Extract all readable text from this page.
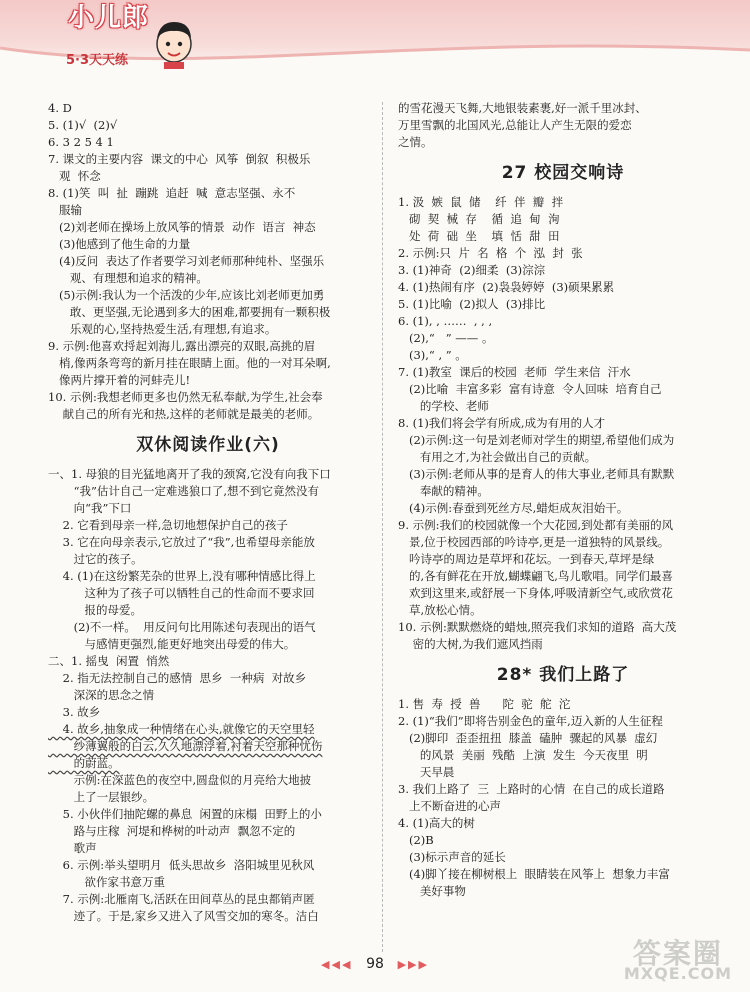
小儿郎
5·3天天练
4. D
5. (1)√  (2)√
6. 3 2 5 4 1
7. 课文的主要内容  课文的中心  风筝  倒叙  积极乐
观  怀念
8. (1)笑  叫  扯  蹦跳  追赶  喊  意志坚强、永不
服输
(2)刘老师在操场上放风筝的情景  动作  语言  神态
(3)他感到了他生命的力量
(4)反问  表达了作者要学习刘老师那种纯朴、坚强乐
观、有理想和追求的精神。
(5)示例:我认为一个活泼的少年,应该比刘老师更加勇
敢、更坚强,无论遇到多大的困难,都要拥有一颗积极
乐观的心,坚持热爱生活,有理想,有追求。
9. 示例:他喜欢捋起刘海儿,露出漂亮的双眼,高挑的眉
梢,像两条弯弯的新月挂在眼睛上面。他的一对耳朵啊,
像两片撑开着的河蚌壳儿!
10. 示例:我想老师更多也仍然无私奉献,为学生,社会奉
献自己的所有光和热,这样的老师就是最美的老师。
双休阅读作业(六)
一、1. 母狼的目光猛地离开了我的颈窝,它没有向我下口
“我”估计自己一定难逃狼口了,想不到它竟然没有
向“我”下口
2. 它看到母亲一样,急切地想保护自己的孩子
3. 它在向母亲表示,它放过了“我”,也希望母亲能放
过它的孩子。
4. (1)在这纷繁芜杂的世界上,没有哪种情感比得上
这种为了孩子可以牺牲自己的性命而不要求回
报的母爱。
(2)不一样。  用反问句比用陈述句表现出的语气
与感情更强烈,能更好地突出母爱的伟大。
二、1. 摇曳  闲置  悄然
2. 指无法控制自己的感情  思乡  一种病  对故乡
深深的思念之情
3. 故乡
4. 故乡,抽象成一种情绪在心头,就像它的天空里轻
纱薄翼般的白云,久久地漂浮着,衬着天空那种忧伤
的蔚蓝。
示例:在深蓝色的夜空中,圆盘似的月亮给大地披
上了一层银纱。
5. 小伙伴们抽陀螺的鼻息  闲置的床榻  田野上的小
路与庄稼  河堤和桦树的叶动声  飘忽不定的
歌声
6. 示例:举头望明月  低头思故乡  洛阳城里见秋风
欲作家书意万重
7. 示例:北雁南飞,活跃在田间草丛的昆虫都销声匿
迹了。于是,家乡又进入了风雪交加的寒冬。洁白
的雪花漫天飞舞,大地银装素裹,好一派千里冰封、
万里雪飘的北国风光,总能让人产生无限的爱恋
之情。
27 校园交响诗
1. 汲  嫉  鼠  储    纤  伴  瓣  拌
砌  契  械  存    循  追  甸  洵
处  荷  础  坐    填  恬  甜  田
2. 示例:只  片  名  格  个  泓  封  张
3. (1)神奇  (2)细柔  (3)淙淙
4. (1)热闹有序  (2)袅袅婷婷  (3)硕果累累
5. (1)比喻  (2)拟人  (3)排比
6. (1), , ……  , , ,
(2),“   ” —— 。
(3),“ , ” 。
7. (1)教室  课后的校园  老师  学生来信  汗水
(2)比喻  丰富多彩  富有诗意  令人回味  培育自己
的学校、老师
8. (1)我们将会学有所成,成为有用的人才
(2)示例:这一句是刘老师对学生的期望,希望他们成为
有用之才,为社会做出自己的贡献。
(3)示例:老师从事的是育人的伟大事业,老师具有默默
奉献的精神。
(4)示例:春蚕到死丝方尽,蜡炬成灰泪始干。
9. 示例:我们的校园就像一个大花园,到处都有美丽的风
景,位于校园西部的吟诗亭,更是一道独特的风景线。
吟诗亭的周边是草坪和花坛。一到春天,草坪是绿
的,各有鲜花在开放,蝴蝶翩飞,鸟儿歌唱。同学们最喜
欢到这里来,或舒展一下身体,呼吸清新空气,或欣赏花
草,放松心情。
10. 示例:默默燃烧的蜡烛,照亮我们求知的道路  高大茂
密的大树,为我们遮风挡雨
28* 我们上路了
1. 售  寿  授  兽      陀  驼  舵  沱
2. (1)“我们”即将告别金色的童年,迈入新的人生征程
(2)脚印  歪歪扭扭  膝盖  磕肿  骤起的风暴  虚幻
的风景  美丽  残酷  上演  发生  今天夜里  明
天早晨
3. 我们上路了  三  上路时的心情  在自己的成长道路
上不断奋进的心声
4. (1)高大的树
(2)B
(3)标示声音的延长
(4)脚丫接在柳树根上  眼睛装在风筝上  想象力丰富
美好事物
◀◀◀ 98 ▶▶▶	答案圈
MXQE.COM
